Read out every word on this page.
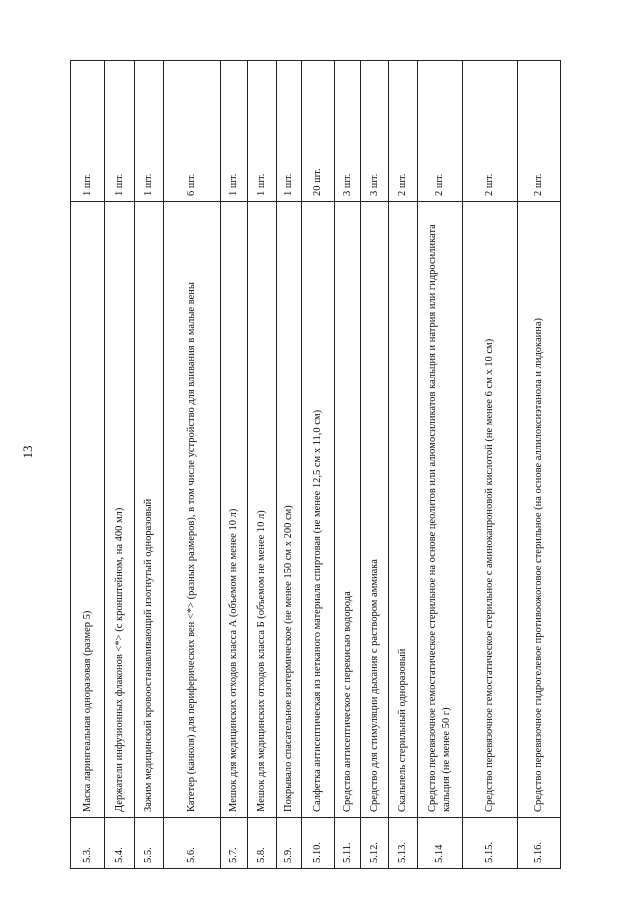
13
5.3.	Маска ларингеальная одноразовая (размер 5)	1 шт.
5.4.	Держатели инфузионных флаконов <*> (с кронштейном, на 400 мл)	1 шт.
5.5.	Зажим медицинский кровоостанавливающий изогнутый одноразовый	1 шт.
5.6.	Катетер (канюля) для периферических вен <*> (разных размеров), в том числе устройство для вливания в малые вены	6 шт.
5.7.	Мешок для медицинских отходов класса А (объемом не менее 10 л)	1 шт.
5.8.	Мешок для медицинских отходов класса Б (объемом не менее 10 л)	1 шт.
5.9.	Покрывало спасательное изотермическое (не менее 150 см x 200 см)	1 шт.
5.10.	Салфетка антисептическая из нетканого материала спиртовая (не менее 12,5 см x 11,0 см)	20 шт.
5.11.	Средство антисептическое с перекисью водорода	3 шт.
5.12.	Средство для стимуляции дыхания с раствором аммиака	3 шт.
5.13.	Скальпель стерильный одноразовый	2 шт.
5.14	Средство перевязочное гемостатическое стерильное на основе цеолитов или алюмосиликатов кальция и натрия или гидросиликата кальция (не менее 50 г)	2 шт.
5.15.	Средство перевязочное гемостатическое стерильное с аминокапроновой кислотой (не менее 6 см x 10 см)	2 шт.
5.16.	Средство перевязочное гидрогелевое противоожоговое стерильное (на основе аллилоксиэтанола и лидокаина)	2 шт.
